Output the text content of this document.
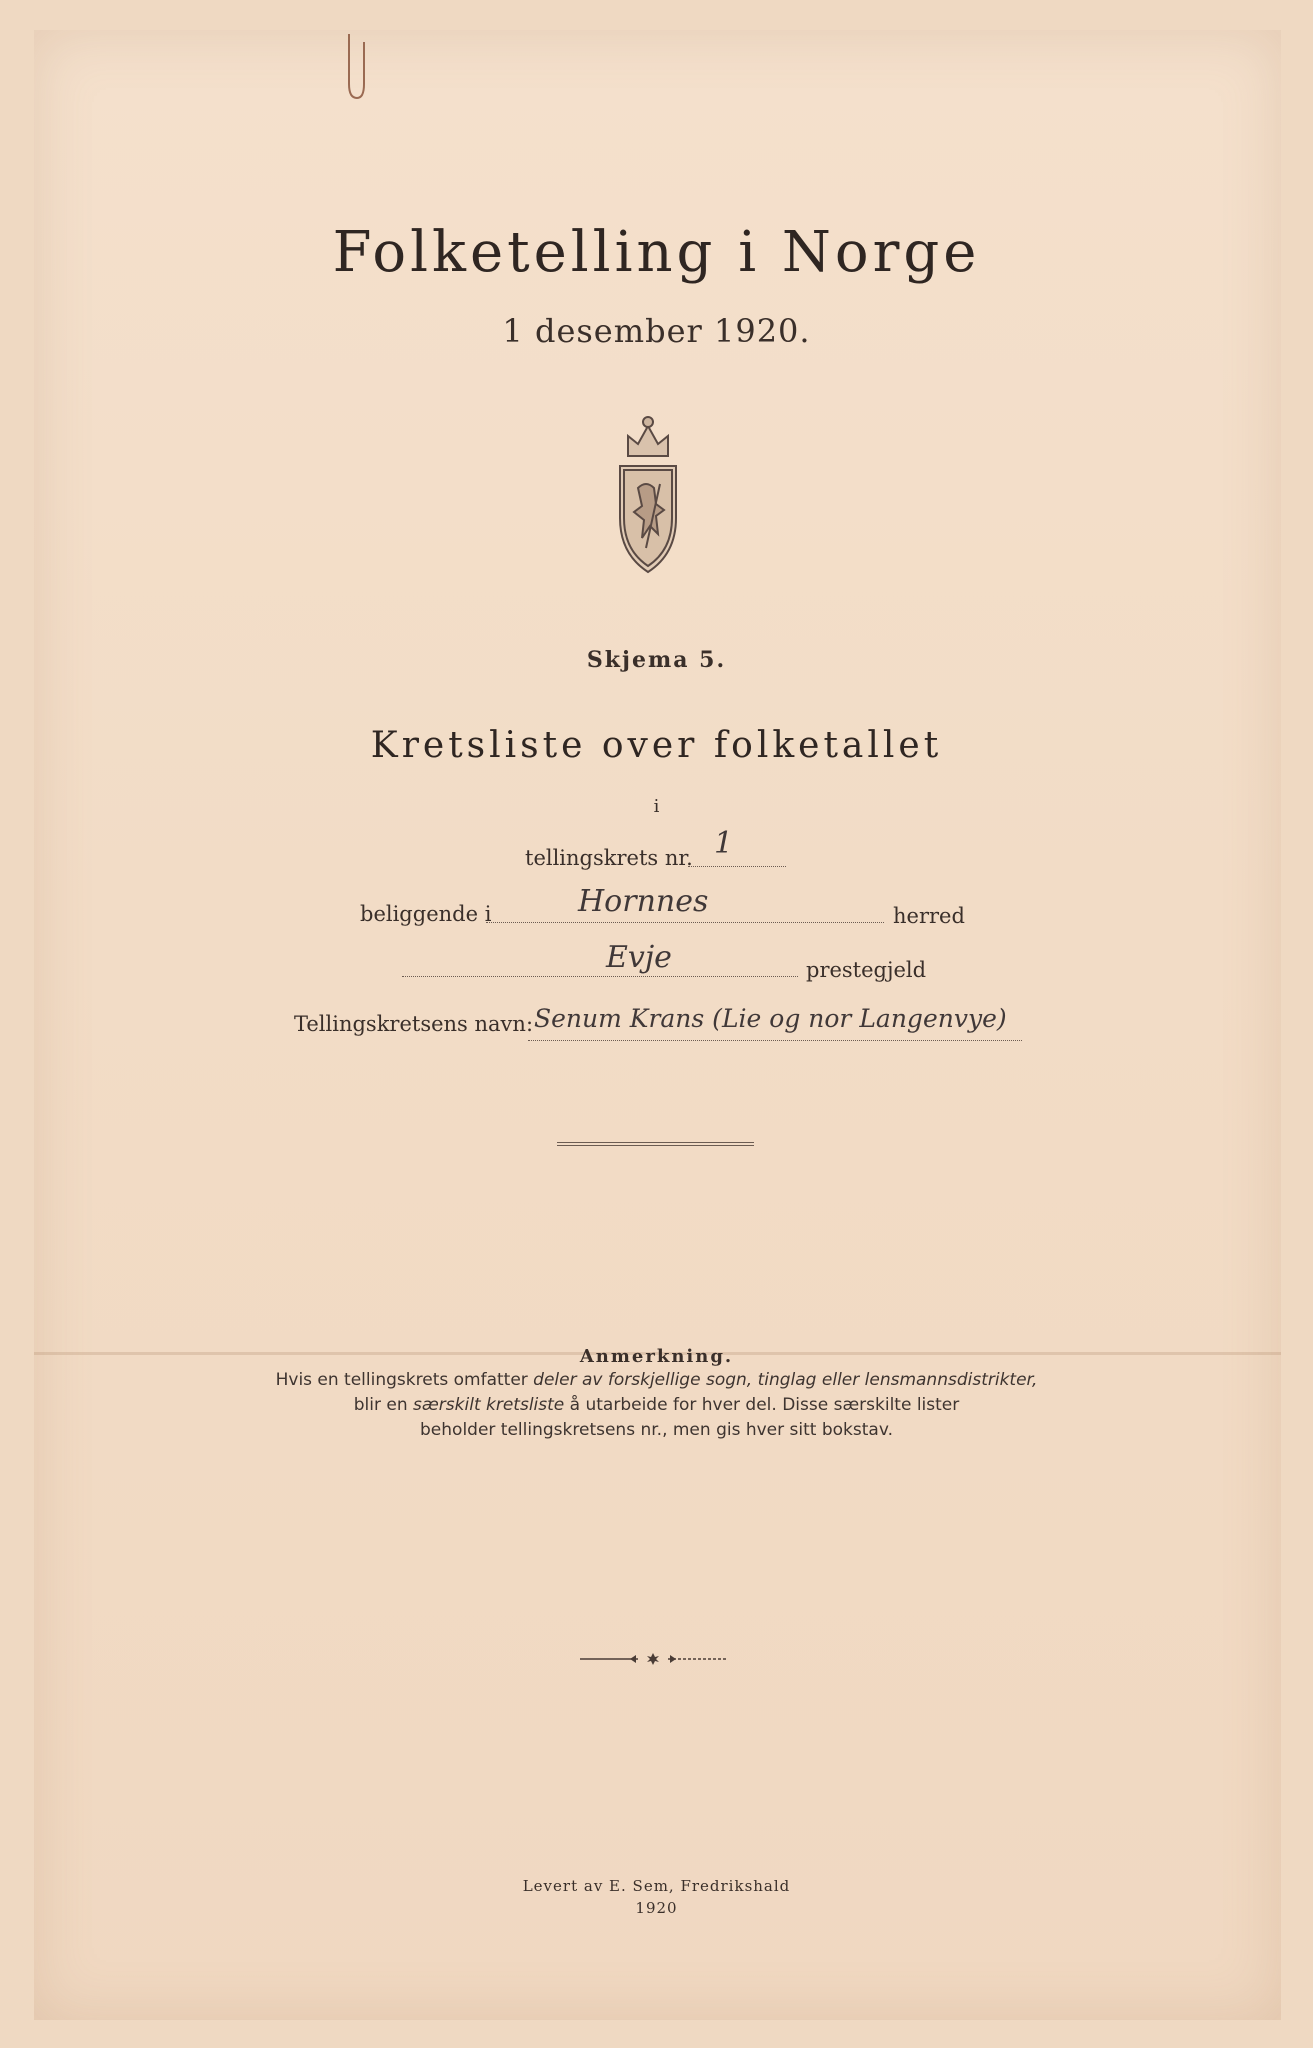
Folketelling i Norge
1 desember 1920.
Skjema 5.
Kretsliste over folketallet
i
tellingskrets nr. 1
beliggende i	Hornnes	herred
Evje	prestegjeld
Tellingskretsens navn: Senum Krans (Lie og nor Langenvye)
Anmerkning.
Hvis en tellingskrets omfatter deler av forskjellige sogn, tinglag eller lensmannsdistrikter,
blir en særskilt kretsliste å utarbeide for hver del. Disse særskilte lister
beholder tellingskretsens nr., men gis hver sitt bokstav.
Levert av E. Sem, Fredrikshald
1920
